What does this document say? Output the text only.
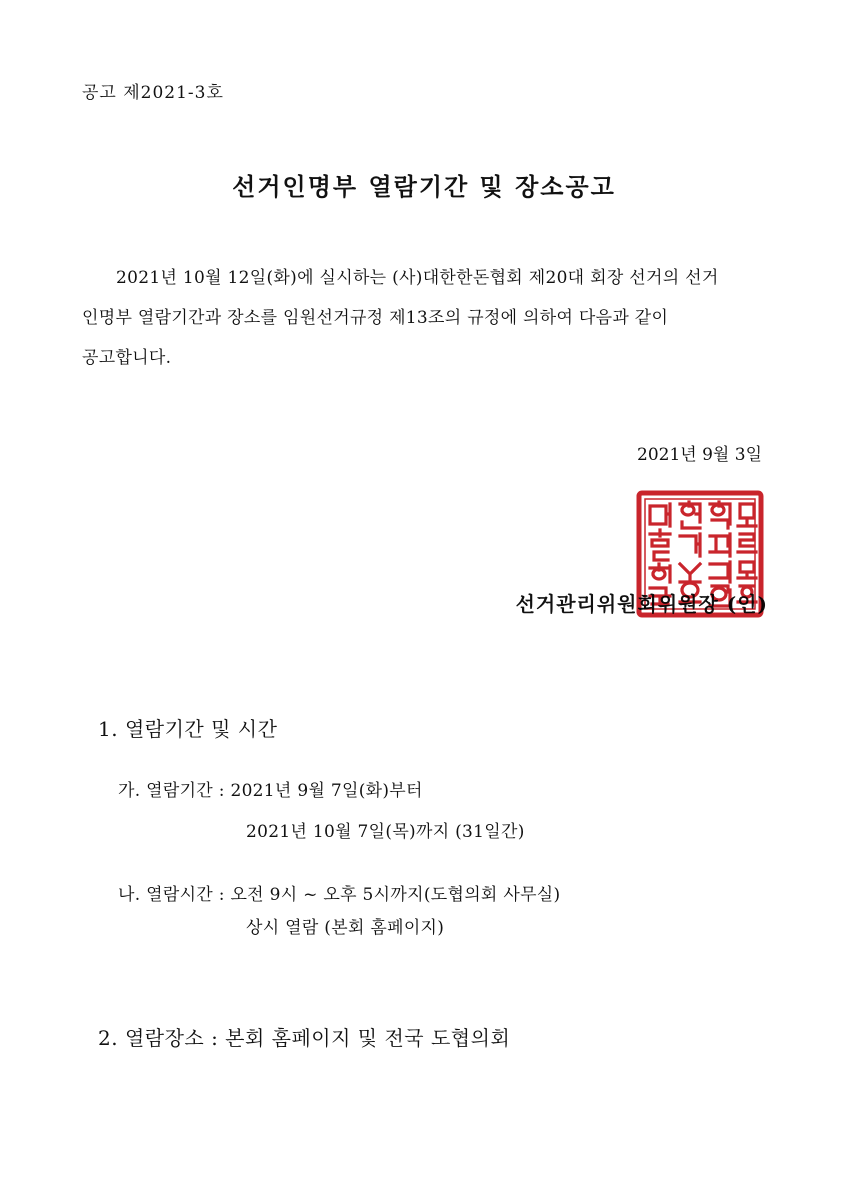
공고 제2021-3호
선거인명부 열람기간 및 장소공고
2021년 10월 12일(화)에 실시하는 (사)대한한돈협회 제20대 회장 선거의 선거
인명부 열람기간과 장소를 임원선거규정 제13조의 규정에 의하여 다음과 같이
공고합니다.
2021년 9월 3일
선거관리위원회위원장 (인)
1. 열람기간 및 시간
가. 열람기간 : 2021년 9월 7일(화)부터
2021년 10월 7일(목)까지 (31일간)
나. 열람시간 : 오전 9시 ~ 오후 5시까지(도협의회 사무실)
상시 열람 (본회 홈페이지)
2. 열람장소 : 본회 홈페이지 및 전국 도협의회
